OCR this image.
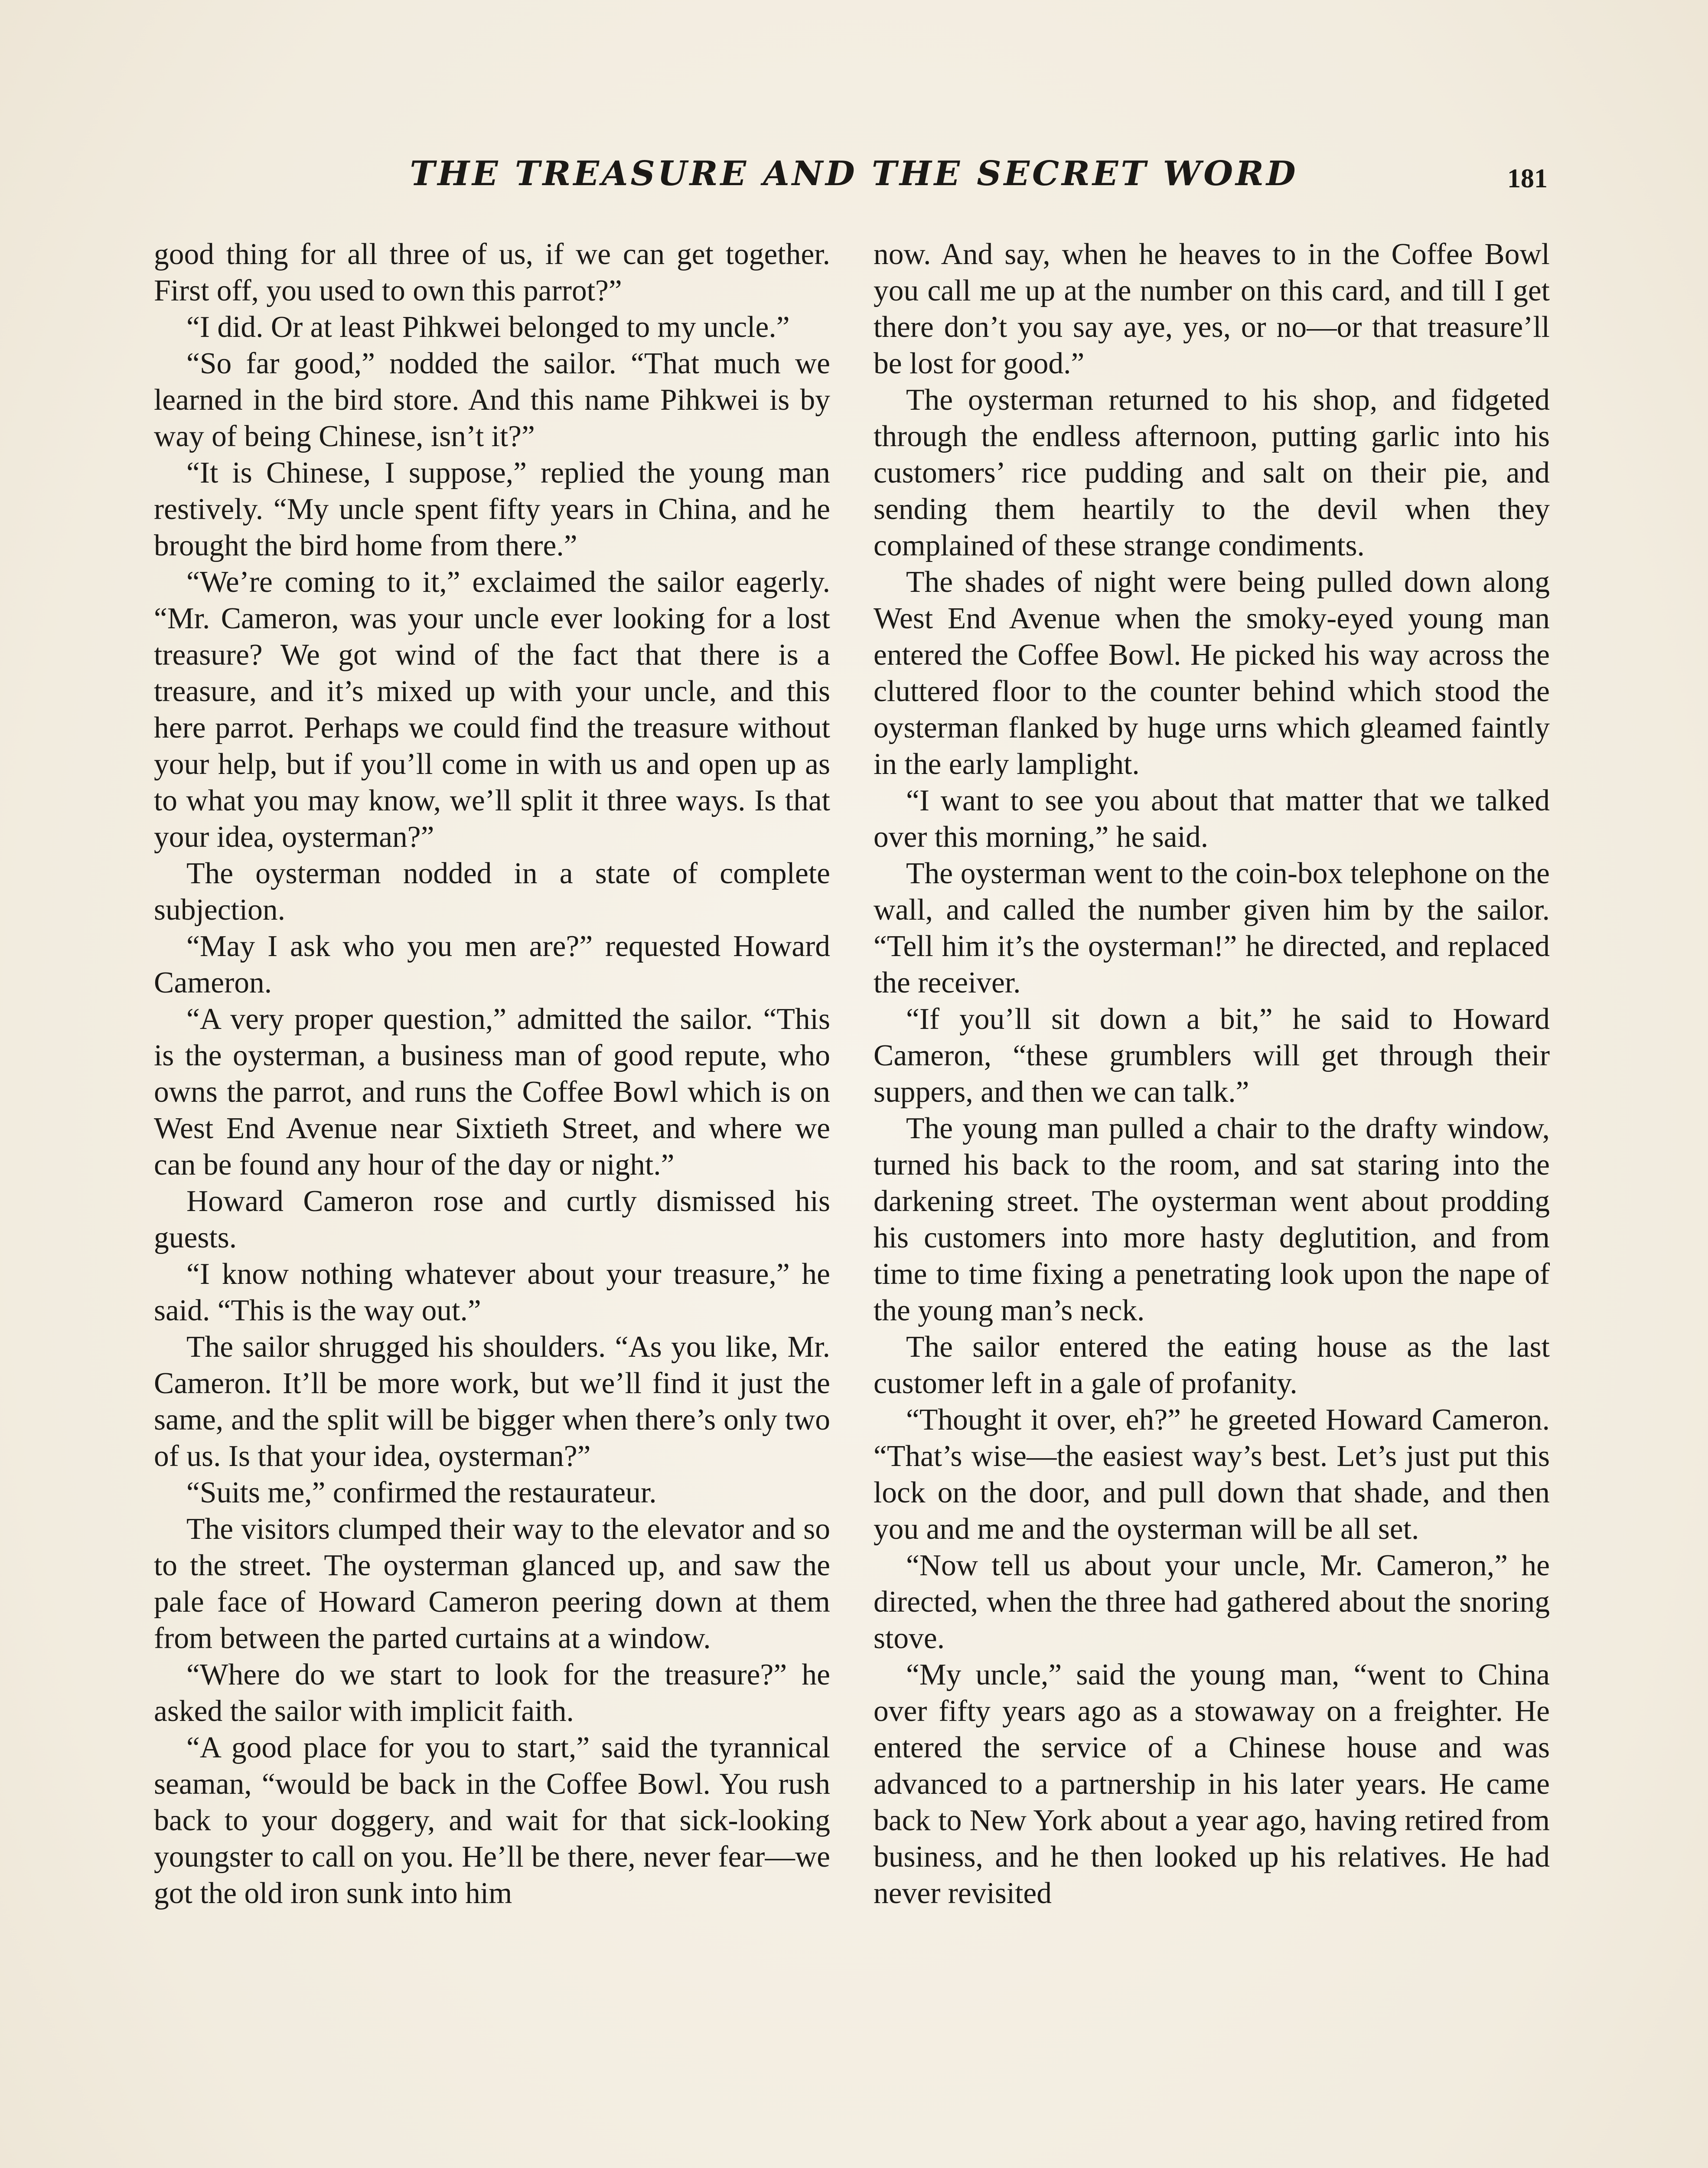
THE TREASURE AND THE SECRET WORD	181

good thing for all three of us, if we can get together. First off, you used to own this parrot?”

“I did. Or at least Pihkwei belonged to my uncle.”

“So far good,” nodded the sailor. “That much we learned in the bird store. And this name Pihkwei is by way of being Chinese, isn’t it?”

“It is Chinese, I suppose,” replied the young man restively. “My uncle spent fifty years in China, and he brought the bird home from there.”

“We’re coming to it,” exclaimed the sailor eagerly. “Mr. Cameron, was your uncle ever looking for a lost treasure? We got wind of the fact that there is a treasure, and it’s mixed up with your uncle, and this here parrot. Perhaps we could find the treasure without your help, but if you’ll come in with us and open up as to what you may know, we’ll split it three ways. Is that your idea, oysterman?”

The oysterman nodded in a state of complete subjection.

“May I ask who you men are?” requested Howard Cameron.

“A very proper question,” admitted the sailor. “This is the oysterman, a business man of good repute, who owns the parrot, and runs the Coffee Bowl which is on West End Avenue near Sixtieth Street, and where we can be found any hour of the day or night.”

Howard Cameron rose and curtly dismissed his guests.

“I know nothing whatever about your treasure,” he said. “This is the way out.”

The sailor shrugged his shoulders. “As you like, Mr. Cameron. It’ll be more work, but we’ll find it just the same, and the split will be bigger when there’s only two of us. Is that your idea, oysterman?”

“Suits me,” confirmed the restaurateur.

The visitors clumped their way to the elevator and so to the street. The oysterman glanced up, and saw the pale face of Howard Cameron peering down at them from between the parted curtains at a window.

“Where do we start to look for the treasure?” he asked the sailor with implicit faith.

“A good place for you to start,” said the tyrannical seaman, “would be back in the Coffee Bowl. You rush back to your doggery, and wait for that sick-looking youngster to call on you. He’ll be there, never fear—we got the old iron sunk into him

now. And say, when he heaves to in the Coffee Bowl you call me up at the number on this card, and till I get there don’t you say aye, yes, or no—or that treasure’ll be lost for good.”

The oysterman returned to his shop, and fidgeted through the endless afternoon, putting garlic into his customers’ rice pudding and salt on their pie, and sending them heartily to the devil when they complained of these strange condiments.

The shades of night were being pulled down along West End Avenue when the smoky-eyed young man entered the Coffee Bowl. He picked his way across the cluttered floor to the counter behind which stood the oysterman flanked by huge urns which gleamed faintly in the early lamplight.

“I want to see you about that matter that we talked over this morning,” he said.

The oysterman went to the coin-box telephone on the wall, and called the number given him by the sailor. “Tell him it’s the oysterman!” he directed, and replaced the receiver.

“If you’ll sit down a bit,” he said to Howard Cameron, “these grumblers will get through their suppers, and then we can talk.”

The young man pulled a chair to the drafty window, turned his back to the room, and sat staring into the darkening street. The oysterman went about prodding his customers into more hasty deglutition, and from time to time fixing a penetrating look upon the nape of the young man’s neck.

The sailor entered the eating house as the last customer left in a gale of profanity.

“Thought it over, eh?” he greeted Howard Cameron. “That’s wise—the easiest way’s best. Let’s just put this lock on the door, and pull down that shade, and then you and me and the oysterman will be all set.

“Now tell us about your uncle, Mr. Cameron,” he directed, when the three had gathered about the snoring stove.

“My uncle,” said the young man, “went to China over fifty years ago as a stowaway on a freighter. He entered the service of a Chinese house and was advanced to a partnership in his later years. He came back to New York about a year ago, having retired from business, and he then looked up his relatives. He had never revisited
